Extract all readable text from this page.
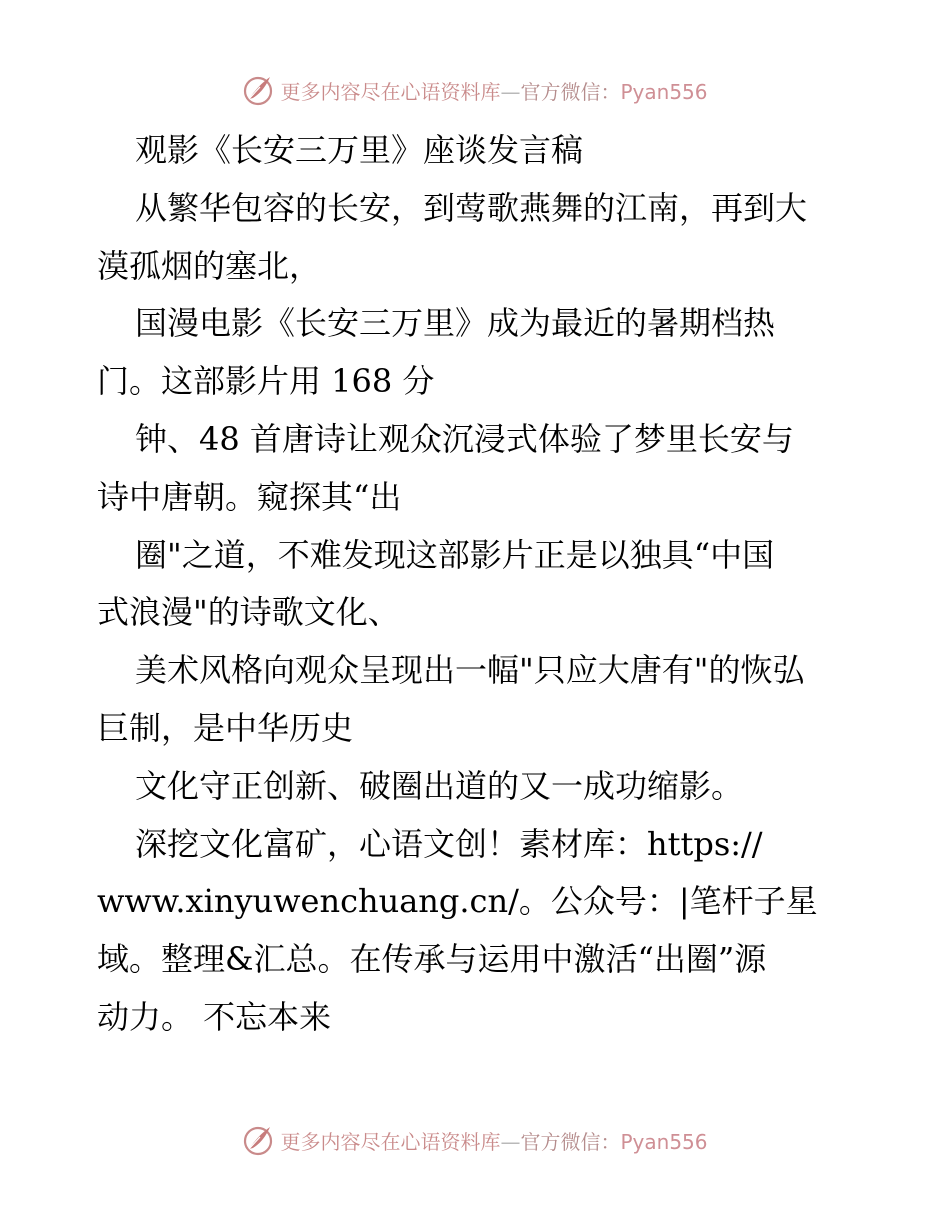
更多内容尽在心语资料库—官方微信：Pyan556
观影《长安三万里》座谈发言稿
从繁华包容的长安，到莺歌燕舞的江南，再到大
漠孤烟的塞北，
国漫电影《长安三万里》成为最近的暑期档热
门。这部影片用 168 分
钟、48 首唐诗让观众沉浸式体验了梦里长安与
诗中唐朝。窥探其“出
圈"之道，不难发现这部影片正是以独具“中国
式浪漫"的诗歌文化、
美术风格向观众呈现出一幅"只应大唐有"的恢弘
巨制，是中华历史
文化守正创新、破圈出道的又一成功缩影。
深挖文化富矿，心语文创！素材库：https://
www.xinyuwenchuang.cn/。公众号：|笔杆子星
域。整理&汇总。在传承与运用中激活“出圈”源
动力。 不忘本来
更多内容尽在心语资料库—官方微信：Pyan556
